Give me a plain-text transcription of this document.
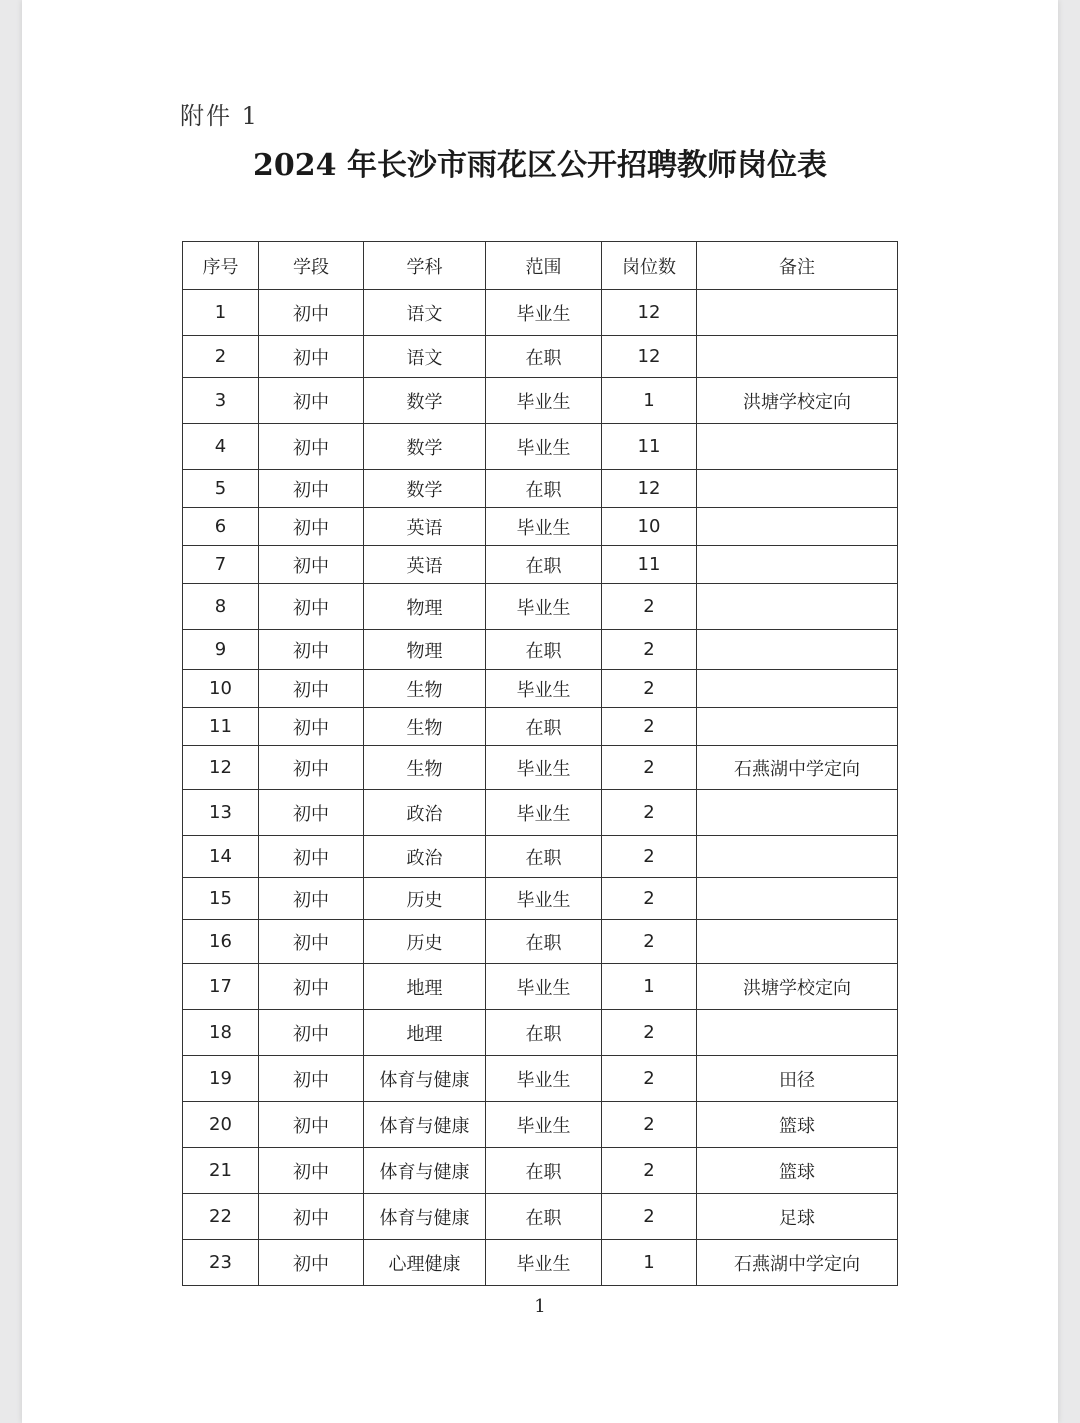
附件 1
2024 年长沙市雨花区公开招聘教师岗位表
序号	学段	学科	范围	岗位数	备注
1	初中	语文	毕业生	12	
2	初中	语文	在职	12	
3	初中	数学	毕业生	1	洪塘学校定向
4	初中	数学	毕业生	11	
5	初中	数学	在职	12	
6	初中	英语	毕业生	10	
7	初中	英语	在职	11	
8	初中	物理	毕业生	2	
9	初中	物理	在职	2	
10	初中	生物	毕业生	2	
11	初中	生物	在职	2	
12	初中	生物	毕业生	2	石燕湖中学定向
13	初中	政治	毕业生	2	
14	初中	政治	在职	2	
15	初中	历史	毕业生	2	
16	初中	历史	在职	2	
17	初中	地理	毕业生	1	洪塘学校定向
18	初中	地理	在职	2	
19	初中	体育与健康	毕业生	2	田径
20	初中	体育与健康	毕业生	2	篮球
21	初中	体育与健康	在职	2	篮球
22	初中	体育与健康	在职	2	足球
23	初中	心理健康	毕业生	1	石燕湖中学定向
1
